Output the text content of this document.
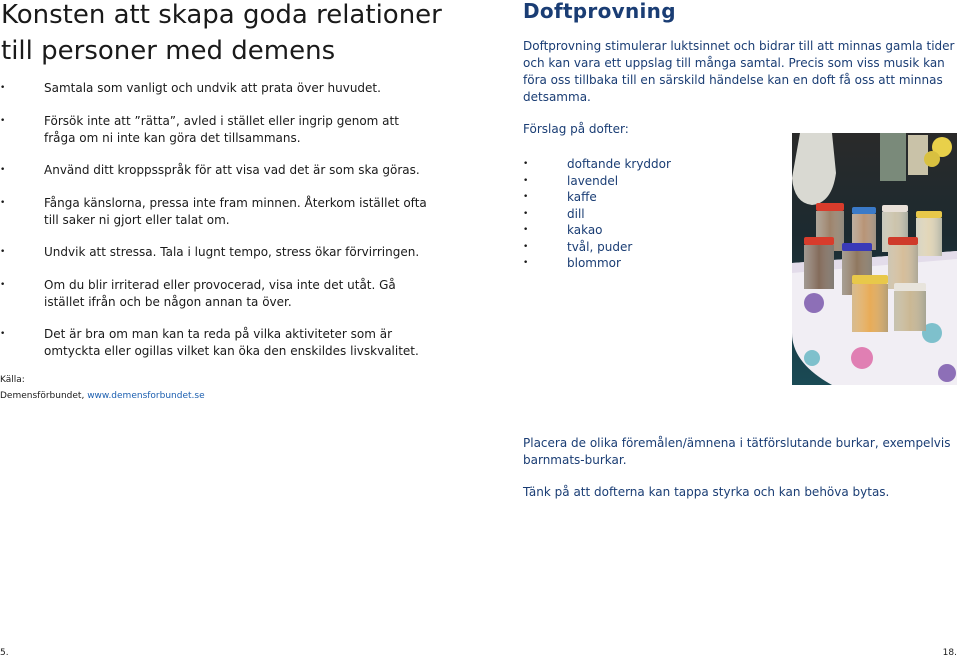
Konsten att skapa goda relationer till personer med demens
•	Samtala som vanligt och undvik att prata över huvudet.
•	Försök inte att ”rätta”, avled i stället eller ingrip genom att fråga om ni inte kan göra det tillsammans.
•	Använd ditt kroppsspråk för att visa vad det är som ska göras.
•	Fånga känslorna, pressa inte fram minnen. Återkom istället ofta till saker ni gjort eller talat om.
•	Undvik att stressa. Tala i lugnt tempo, stress ökar förvirringen.
•	Om du blir irriterad eller provocerad, visa inte det utåt. Gå istället ifrån och be någon annan ta över.
•	Det är bra om man kan ta reda på vilka aktiviteter som är omtyckta eller ogillas vilket kan öka den enskildes livskvalitet.
Källa:
Demensförbundet, www.demensforbundet.se
Doftprovning
Doftprovning stimulerar luktsinnet och bidrar till att minnas gamla tider och kan vara ett uppslag till många samtal. Precis som viss musik kan föra oss tillbaka till en särskild händelse kan en doft få oss att minnas detsamma.
Förslag på dofter:
•	doftande kryddor
•	lavendel
•	kaffe
•	dill
•	kakao
•	tvål, puder
•	blommor
Placera de olika föremålen/ämnena i tätförslutande burkar, exempelvis barnmats-burkar.
Tänk på att dofterna kan tappa styrka och kan behöva bytas.
5.	18.
